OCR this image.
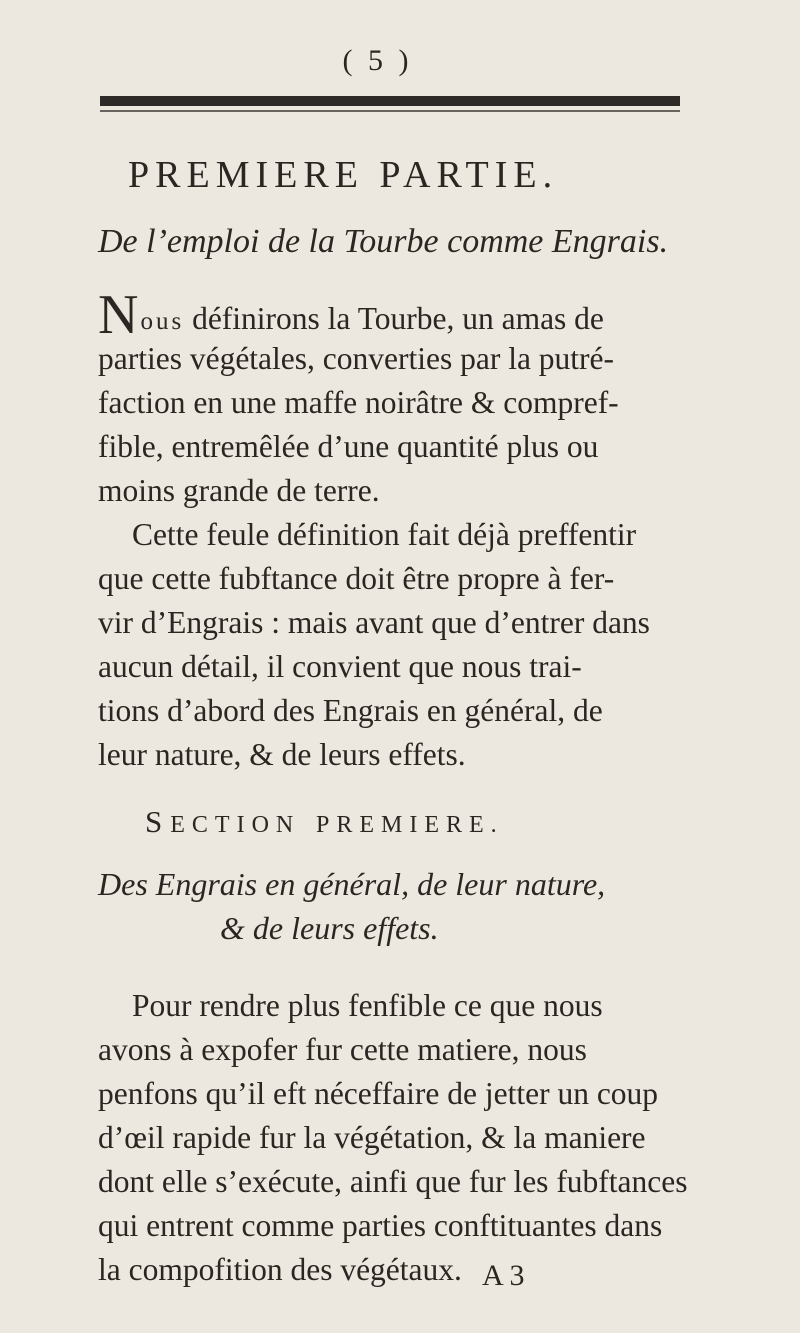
( 5 )
PREMIERE PARTIE.
De l’emploi de la Tourbe comme Engrais.
Nous définirons la Tourbe, un amas de
parties végétales, converties par la putré-
faction en une maffe noirâtre & compref-
fible, entremêlée d’une quantité plus ou
moins grande de terre.
Cette feule définition fait déjà preffentir
que cette fubftance doit être propre à fer-
vir d’Engrais : mais avant que d’entrer dans
aucun détail, il convient que nous trai-
tions d’abord des Engrais en général, de
leur nature, & de leurs effets.
SECTION PREMIERE.
Des Engrais en général, de leur nature,
& de leurs effets.
Pour rendre plus fenfible ce que nous
avons à expofer fur cette matiere, nous
penfons qu’il eft néceffaire de jetter un coup
d’œil rapide fur la végétation, & la maniere
dont elle s’exécute, ainfi que fur les fubftances
qui entrent comme parties conftituantes dans
la compofition des végétaux. A 3
